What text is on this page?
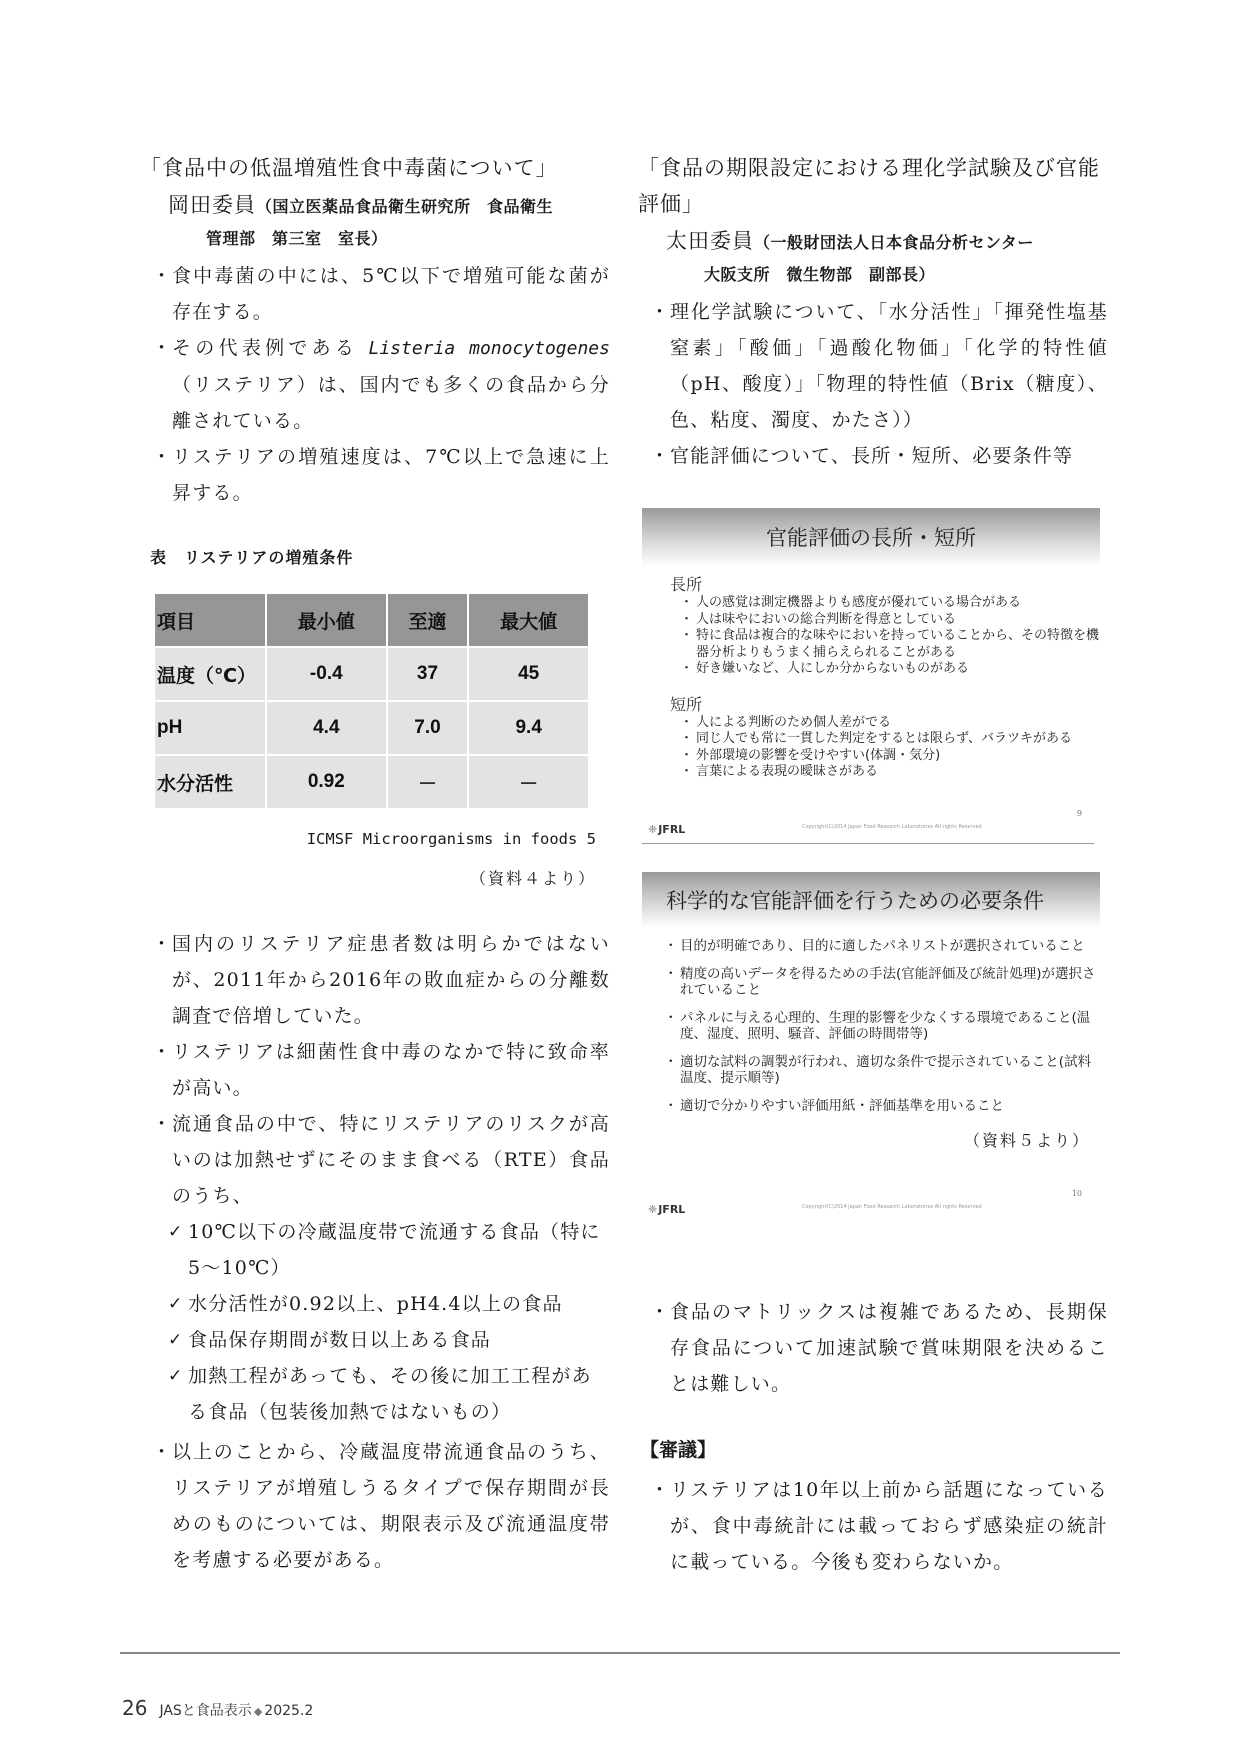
「食品中の低温増殖性食中毒菌について」
岡田委員（国立医薬品食品衛生研究所　食品衛生
管理部　第三室　室長）
・ 食中毒菌の中には、5℃以下で増殖可能な菌が存在する。
・ その代表例である Listeria monocytogenes（リステリア）は、国内でも多くの食品から分離されている。
・ リステリアの増殖速度は、7℃以上で急速に上昇する。
表　リステリアの増殖条件
項目	最小値	至適	最大値
温度（℃）	-0.4	37	45
pH	4.4	7.0	9.4
水分活性	0.92	－	－
ICMSF Microorganisms in foods 5
（資料４より）
・ 国内のリステリア症患者数は明らかではないが、2011年から2016年の敗血症からの分離数調査で倍増していた。
・ リステリアは細菌性食中毒のなかで特に致命率が高い。
・ 流通食品の中で、特にリステリアのリスクが高いのは加熱せずにそのまま食べる（RTE）食品のうち、
✓ 10℃以下の冷蔵温度帯で流通する食品（特に5〜10℃）
✓ 水分活性が0.92以上、pH4.4以上の食品
✓ 食品保存期間が数日以上ある食品
✓ 加熱工程があっても、その後に加工工程がある食品（包装後加熱ではないもの）
・ 以上のことから、冷蔵温度帯流通食品のうち、リステリアが増殖しうるタイプで保存期間が長めのものについては、期限表示及び流通温度帯を考慮する必要がある。
「食品の期限設定における理化学試験及び官能評価」
太田委員（一般財団法人日本食品分析センター
大阪支所　微生物部　副部長）
・ 理化学試験について、「水分活性」「揮発性塩基窒素」「酸価」「過酸化物価」「化学的特性値（pH、酸度）」「物理的特性値（Brix（糖度）、色、粘度、濁度、かたさ））
・ 官能評価について、長所・短所、必要条件等
官能評価の長所・短所
長所
・ 人の感覚は測定機器よりも感度が優れている場合がある
・ 人は味やにおいの総合判断を得意としている
・ 特に食品は複合的な味やにおいを持っていることから、その特徴を機器分析よりもうまく捕らえられることがある
・ 好き嫌いなど、人にしか分からないものがある
短所
・ 人による判断のため個人差がでる
・ 同じ人でも常に一貫した判定をするとは限らず、バラツキがある
・ 外部環境の影響を受けやすい(体調・気分)
・ 言葉による表現の曖昧さがある
❈JFRL	Copyright(C)2014 Japan Food Research Laboratories All rights Reserved
9
科学的な官能評価を行うための必要条件
・ 目的が明確であり、目的に適したパネリストが選択されていること
・ 精度の高いデータを得るための手法(官能評価及び統計処理)が選択されていること
・ パネルに与える心理的、生理的影響を少なくする環境であること(温度、湿度、照明、騒音、評価の時間帯等)
・ 適切な試料の調製が行われ、適切な条件で提示されていること(試料温度、提示順等)
・ 適切で分かりやすい評価用紙・評価基準を用いること
❈JFRL	Copyright(C)2014 Japan Food Research Laboratories All rights Reserved
10
（資料５より）
・ 食品のマトリックスは複雑であるため、長期保存食品について加速試験で賞味期限を決めることは難しい。
【審議】
・ リステリアは10年以上前から話題になっているが、食中毒統計には載っておらず感染症の統計に載っている。今後も変わらないか。
26 JASと食品表示 ◆ 2025.2
